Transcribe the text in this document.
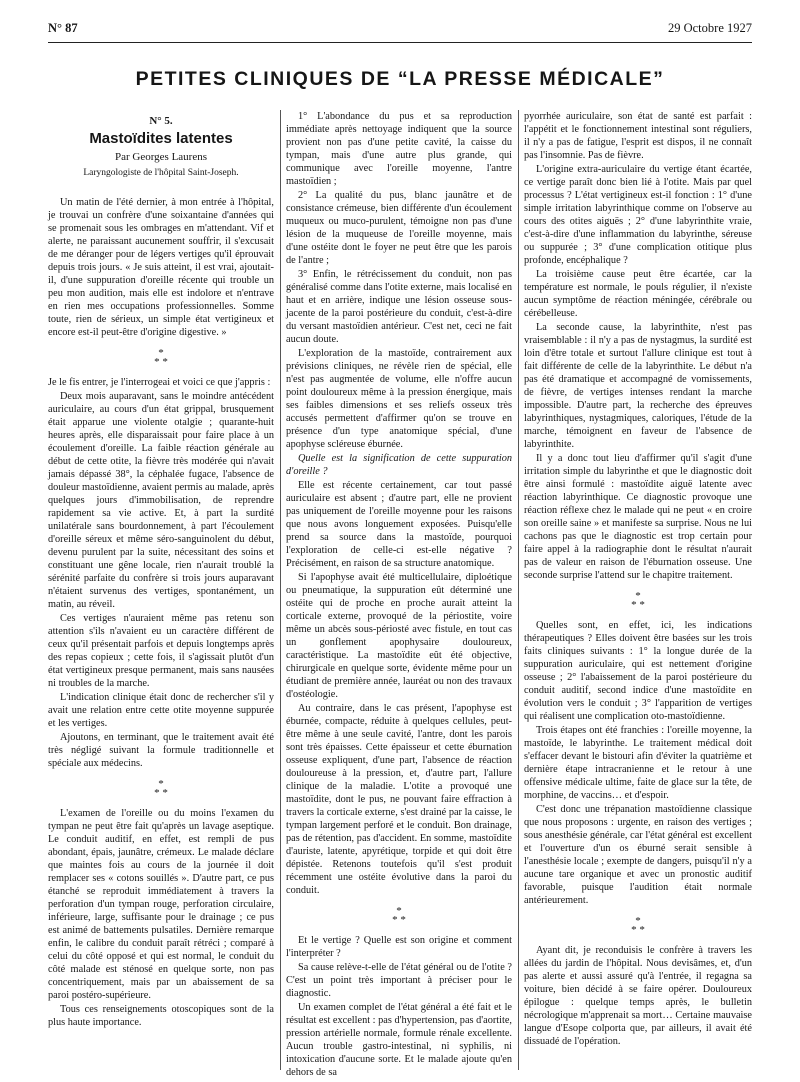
N° 87	29 Octobre 1927
PETITES CLINIQUES DE “LA PRESSE MÉDICALE”
N° 5.
Mastoïdites latentes
Par Georges Laurens
Laryngologiste de l'hôpital Saint-Joseph.

Un matin de l'été dernier, à mon entrée à l'hôpital, je trouvai un confrère d'une soixantaine d'années qui se promenait sous les ombrages en m'attendant. Vif et alerte, ne paraissant aucunement souffrir, il s'excusait de me déranger pour de légers vertiges qu'il éprouvait depuis trois jours. « Je suis atteint, il est vrai, ajoutait-il, d'une suppuration d'oreille récente qui trouble un peu mon audition, mais elle est indolore et n'entrave en rien mes occupations professionnelles. Somme toute, rien de sérieux, un simple état vertigineux et encore est-il peut-être d'origine digestive. »

*
* *

Je le fis entrer, je l'interrogeai et voici ce que j'appris :

Deux mois auparavant, sans le moindre antécédent auriculaire, au cours d'un état grippal, brusquement était apparue une violente otalgie ; quarante-huit heures après, elle disparaissait pour faire place à un écoulement d'oreille. La faible réaction générale au début de cette otite, la fièvre très modérée qui n'avait jamais dépassé 38°, la céphalée fugace, l'absence de douleur mastoïdienne, avaient permis au malade, après quelques jours d'immobilisation, de reprendre rapidement sa vie active. Et, à part la surdité unilatérale sans bourdonnement, à part l'écoulement d'oreille séreux et même séro-sanguinolent du début, devenu purulent par la suite, nécessitant des soins et constituant une gêne locale, rien n'aurait troublé la sérénité parfaite du confrère si trois jours auparavant n'étaient survenus des vertiges, spontanément, un matin, au réveil.

Ces vertiges n'auraient même pas retenu son attention s'ils n'avaient eu un caractère différent de ceux qu'il présentait parfois et depuis longtemps après des repas copieux ; cette fois, il s'agissait plutôt d'un état vertigineux presque permanent, mais sans nausées ni troubles de la marche.

L'indication clinique était donc de rechercher s'il y avait une relation entre cette otite moyenne suppurée et les vertiges.

Ajoutons, en terminant, que le traitement avait été très négligé suivant la formule traditionnelle et spéciale aux médecins.

*
* *

L'examen de l'oreille ou du moins l'examen du tympan ne peut être fait qu'après un lavage aseptique. Le conduit auditif, en effet, est rempli de pus abondant, épais, jaunâtre, crémeux. Le malade déclare que maintes fois au cours de la journée il doit remplacer ses « cotons souillés ». D'autre part, ce pus étanché se reproduit immédiatement à travers la perforation d'un tympan rouge, perforation circulaire, inférieure, large, suffisante pour le drainage ; ce pus est animé de battements pulsatiles. Dernière remarque enfin, le calibre du conduit paraît rétréci ; comparé à celui du côté opposé et qui est normal, le conduit du côté malade est sténosé en quelque sorte, non pas concentriquement, mais par un abaissement de sa paroi postéro-supérieure.

Tous ces renseignements otoscopiques sont de la plus haute importance.

1° L'abondance du pus et sa reproduction immédiate après nettoyage indiquent que la source provient non pas d'une petite cavité, la caisse du tympan, mais d'une autre plus grande, qui communique avec l'oreille moyenne, l'antre mastoïdien ;

2° La qualité du pus, blanc jaunâtre et de consistance crémeuse, bien différente d'un écoulement muqueux ou muco-purulent, témoigne non pas d'une lésion de la muqueuse de l'oreille moyenne, mais d'une ostéite dont le foyer ne peut être que les parois de l'antre ;

3° Enfin, le rétrécissement du conduit, non pas généralisé comme dans l'otite externe, mais localisé en haut et en arrière, indique une lésion osseuse sous-jacente de la paroi postérieure du conduit, c'est-à-dire du versant mastoïdien antérieur. C'est net, ceci ne fait aucun doute.

L'exploration de la mastoïde, contrairement aux prévisions cliniques, ne révèle rien de spécial, elle n'est pas augmentée de volume, elle n'offre aucun point douloureux même à la pression énergique, mais ses faibles dimensions et ses reliefs osseux très accusés permettent d'affirmer qu'on se trouve en présence d'un type anatomique spécial, d'une apophyse scléreuse éburnée.

Quelle est la signification de cette suppuration d'oreille ?

Elle est récente certainement, car tout passé auriculaire est absent ; d'autre part, elle ne provient pas uniquement de l'oreille moyenne pour les raisons que nous avons longuement exposées. Puisqu'elle prend sa source dans la mastoïde, pourquoi l'exploration de celle-ci est-elle négative ? Précisément, en raison de sa structure anatomique.

Si l'apophyse avait été multicellulaire, diploétique ou pneumatique, la suppuration eût déterminé une ostéite qui de proche en proche aurait atteint la corticale externe, provoqué de la périostite, voire même un abcès sous-périosté avec fistule, en tout cas un gonflement apophysaire douloureux, caractéristique. La mastoïdite eût été objective, chirurgicale en quelque sorte, évidente même pour un étudiant de première année, lauréat ou non des travaux d'ostéologie.

Au contraire, dans le cas présent, l'apophyse est éburnée, compacte, réduite à quelques cellules, peut-être même à une seule cavité, l'antre, dont les parois sont très épaisses. Cette épaisseur et cette éburnation osseuse expliquent, d'une part, l'absence de réaction douloureuse à la pression, et, d'autre part, l'allure clinique de la maladie. L'otite a provoqué une mastoïdite, dont le pus, ne pouvant faire effraction à travers la corticale externe, s'est drainé par la caisse, le tympan largement perforé et le conduit. Bon drainage, pas de rétention, pas d'accident. En somme, mastoïdite d'auriste, latente, apyrétique, torpide et qui doit être dépistée. Retenons toutefois qu'il s'est produit récemment une ostéite évolutive dans la paroi du conduit.

*
* *

Et le vertige ? Quelle est son origine et comment l'interpréter ?

Sa cause relève-t-elle de l'état général ou de l'otite ? C'est un point très important à préciser pour le diagnostic.

Un examen complet de l'état général a été fait et le résultat est excellent : pas d'hypertension, pas d'aortite, pression artérielle normale, formule rénale excellente. Aucun trouble gastro-intestinal, ni syphilis, ni intoxication d'aucune sorte. Et le malade ajoute qu'en dehors de sa

pyorrhée auriculaire, son état de santé est parfait : l'appétit et le fonctionnement intestinal sont réguliers, il n'y a pas de fatigue, l'esprit est dispos, il ne connaît pas l'insomnie. Pas de fièvre.

L'origine extra-auriculaire du vertige étant écartée, ce vertige paraît donc bien lié à l'otite. Mais par quel processus ? L'état vertigineux est-il fonction : 1° d'une simple irritation labyrinthique comme on l'observe au cours des otites aiguës ; 2° d'une labyrinthite vraie, c'est-à-dire d'une inflammation du labyrinthe, séreuse ou suppurée ; 3° d'une complication otitique plus profonde, encéphalique ?

La troisième cause peut être écartée, car la température est normale, le pouls régulier, il n'existe aucun symptôme de réaction méningée, cérébrale ou cérébelleuse.

La seconde cause, la labyrinthite, n'est pas vraisemblable : il n'y a pas de nystagmus, la surdité est loin d'être totale et surtout l'allure clinique est tout à fait différente de celle de la labyrinthite. Le début n'a pas été dramatique et accompagné de vomissements, de fièvre, de vertiges intenses rendant la marche impossible. D'autre part, la recherche des épreuves labyrinthiques, nystagmiques, caloriques, l'étude de la marche, témoignent en faveur de l'absence de labyrinthite.

Il y a donc tout lieu d'affirmer qu'il s'agit d'une irritation simple du labyrinthe et que le diagnostic doit être ainsi formulé : mastoïdite aiguë latente avec réaction labyrinthique. Ce diagnostic provoque une réaction réflexe chez le malade qui ne peut « en croire son oreille saine » et manifeste sa surprise. Nous ne lui cachons pas que le diagnostic est trop certain pour faire appel à la radiographie dont le résultat n'aurait pas de valeur en raison de l'éburnation osseuse. Une seconde surprise l'attend sur le chapitre traitement.

*
* *

Quelles sont, en effet, ici, les indications thérapeutiques ? Elles doivent être basées sur les trois faits cliniques suivants : 1° la longue durée de la suppuration auriculaire, qui est nettement d'origine osseuse ; 2° l'abaissement de la paroi postérieure du conduit auditif, second indice d'une mastoïdite en évolution vers le conduit ; 3° l'apparition de vertiges qui réalisent une complication oto-mastoïdienne.

Trois étapes ont été franchies : l'oreille moyenne, la mastoïde, le labyrinthe. Le traitement médical doit s'effacer devant le bistouri afin d'éviter la quatrième et dernière étape intracranienne et le retour à une offensive médicale ultime, faite de glace sur la tête, de morphine, de vaccins… et d'espoir.

C'est donc une trépanation mastoïdienne classique que nous proposons : urgente, en raison des vertiges ; sous anesthésie générale, car l'état général est excellent et l'ouverture d'un os éburné serait sensible à l'anesthésie locale ; exempte de dangers, puisqu'il n'y a aucune tare organique et avec un pronostic auditif favorable, puisque l'audition était normale antérieurement.

*
* *

Ayant dit, je reconduisis le confrère à travers les allées du jardin de l'hôpital. Nous devisâmes, et, d'un pas alerte et aussi assuré qu'à l'entrée, il regagna sa voiture, bien décidé à se faire opérer. Douloureux épilogue : quelque temps après, le bulletin nécrologique m'apprenait sa mort… Certaine mauvaise langue d'Esope colporta que, par ailleurs, il avait été dissuadé de l'opération.
